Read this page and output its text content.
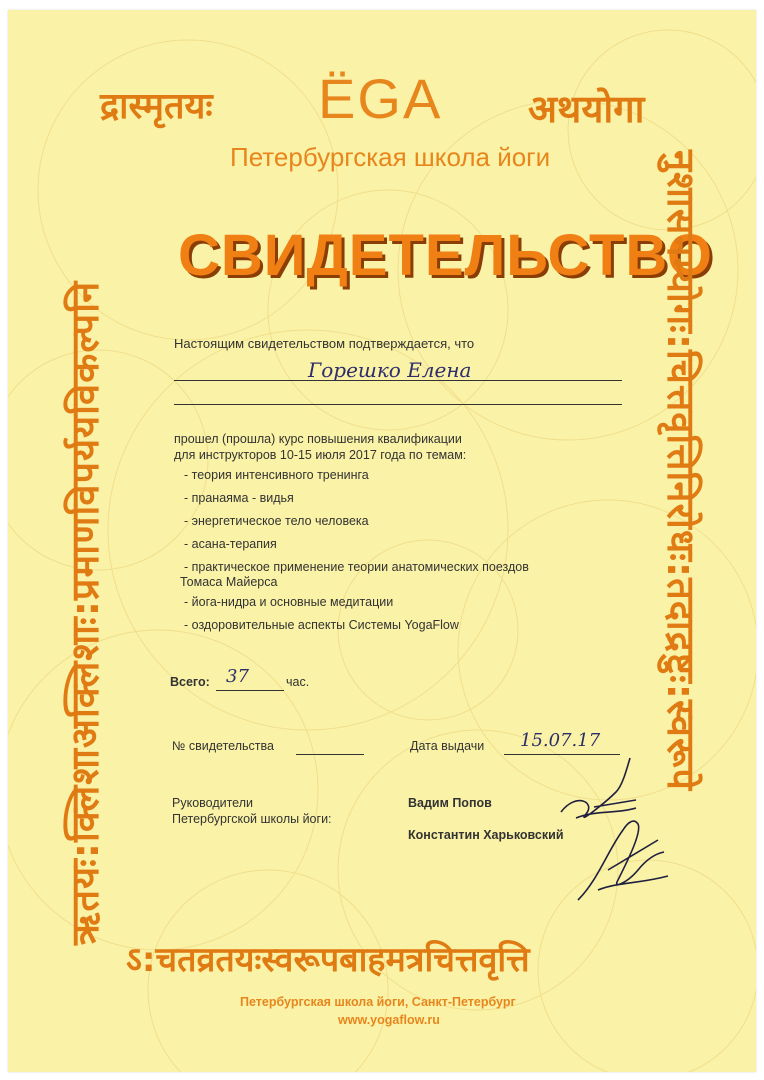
द्रास्मृतयः ЁGA अथयोगा
Петербургская школа йоги
СВИДЕТЕЛЬСТВО
ऋतयः:क्लिशाअक्लिशाः:प्रमाणविपर्ययविकल्पनि	नुशासनम्योगः:चित्तवृत्तिनिरोधः:तदाद्रष्टुः:स्वरूपे
Настоящим свидетельством подтверждается, что
Горешко Елена
прошел (прошла) курс повышения квалификации
для инструкторов 10-15 июля 2017 года по темам:
- теория интенсивного тренинга
- пранаяма - видья
- энергетическое тело человека
- асана-терапия
- практическое применение теории анатомических поездов
Томаса Майерса
- йога-нидра и основные медитации
- оздоровительные аспекты Системы YogaFlow
Всего: 37	час.
№ свидетельства	Дата выдачи 15.07.17
Руководители
Петербургской школы йоги:
Вадим Попов
Константин Харьковский
ऽ:चतव्रतयःस्वरूपबाहमत्रचित्तवृत्ति
Петербургская школа йоги, Санкт-Петербург
www.yogaflow.ru
